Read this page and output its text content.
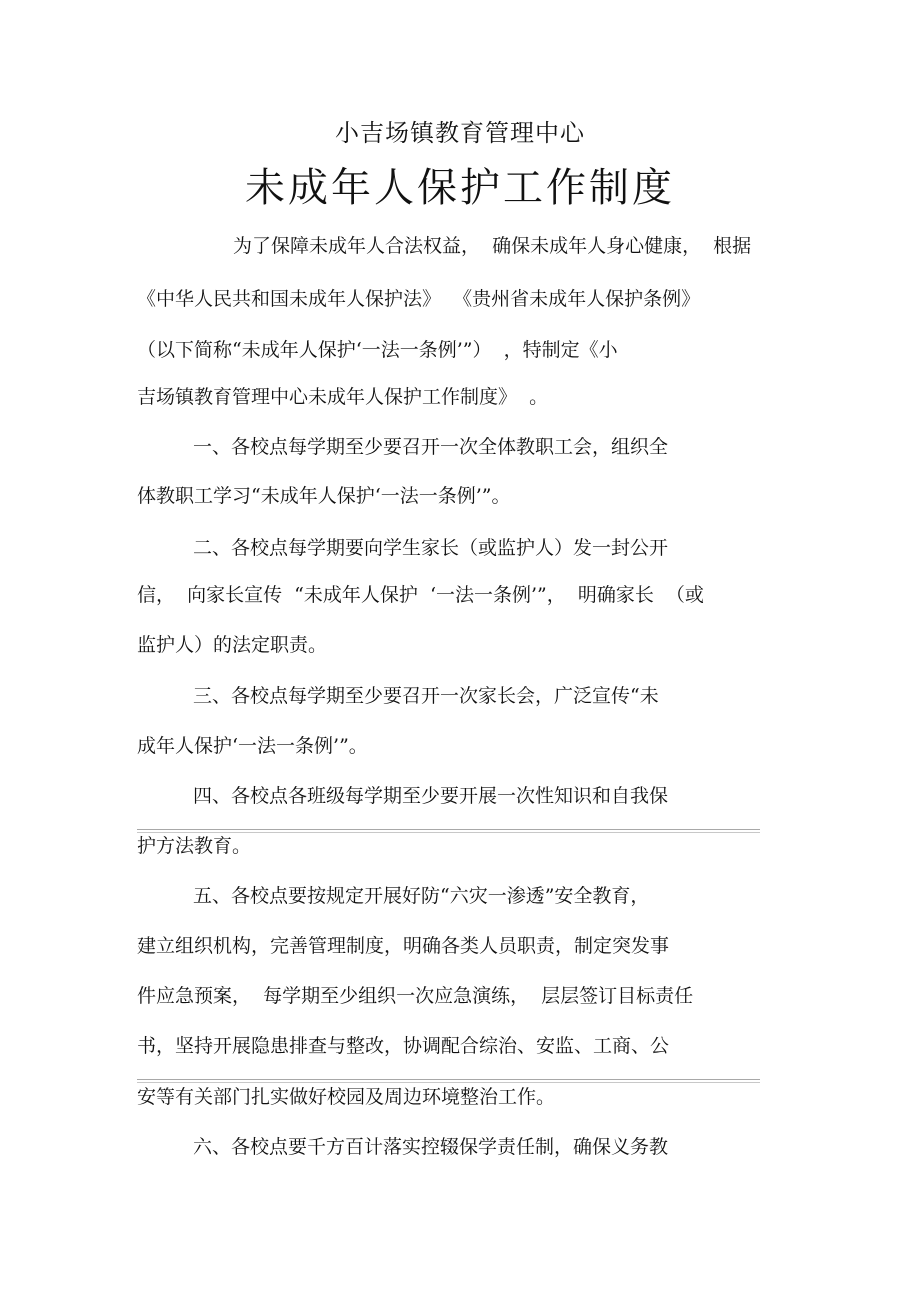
小吉场镇教育管理中心
未成年人保护工作制度
为了保障未成年人合法权益，  确保未成年人身心健康，  根据
《中华人民共和国未成年人保护法》  《贵州省未成年人保护条例》
（以下简称“未成年人保护‘一法一条例’”）  ，特制定《小
吉场镇教育管理中心未成年人保护工作制度》  。
一、各校点每学期至少要召开一次全体教职工会，组织全
体教职工学习“未成年人保护‘一法一条例’”。
二、各校点每学期要向学生家长（或监护人）发一封公开
信，  向家长宣传  “未成年人保护  ‘一法一条例’”，  明确家长  （或
监护人）的法定职责。
三、各校点每学期至少要召开一次家长会，广泛宣传“未
成年人保护‘一法一条例’”。
四、各校点各班级每学期至少要开展一次性知识和自我保
护方法教育。
五、各校点要按规定开展好防“六灾一渗透”安全教育，
建立组织机构，完善管理制度，明确各类人员职责，制定突发事
件应急预案，  每学期至少组织一次应急演练，  层层签订目标责任
书，坚持开展隐患排查与整改，协调配合综治、安监、工商、公
安等有关部门扎实做好校园及周边环境整治工作。
六、各校点要千方百计落实控辍保学责任制，确保义务教
